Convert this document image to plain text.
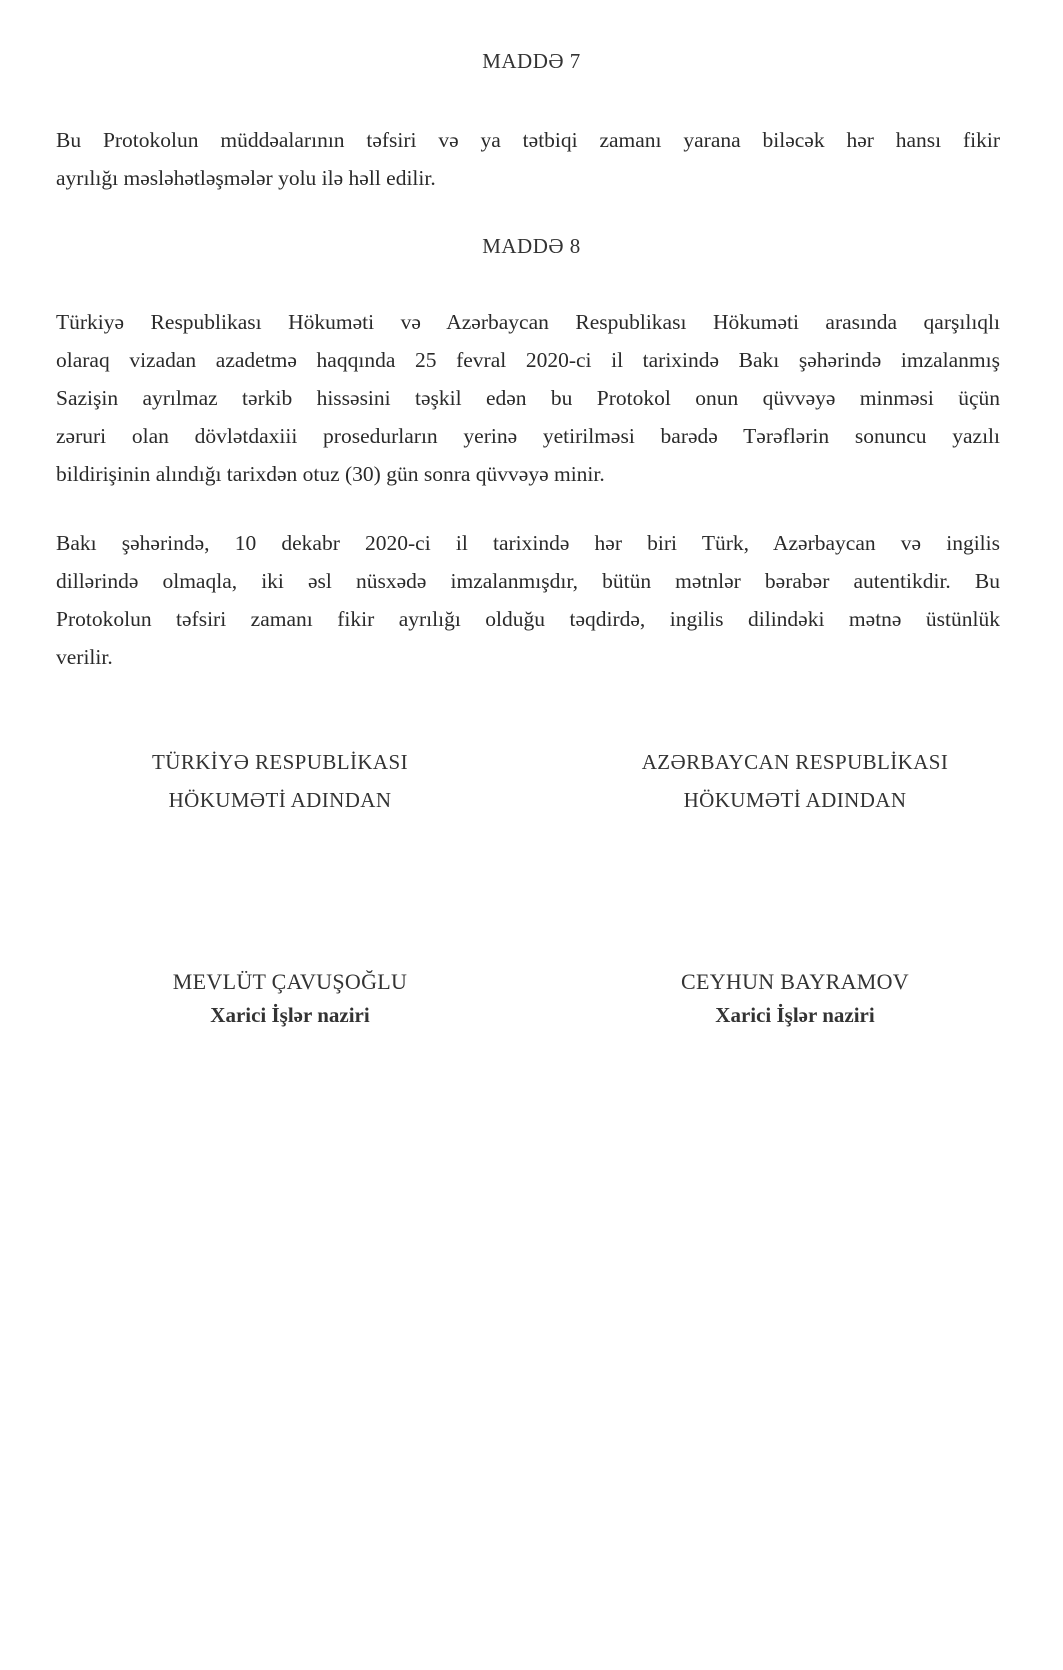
MADDƏ 7
Bu Protokolun müddəalarının təfsiri və ya tətbiqi zamanı yarana biləcək hər hansı fikir
ayrılığı məsləhətləşmələr yolu ilə həll edilir.
MADDƏ 8
Türkiyə Respublikası Hökuməti və Azərbaycan Respublikası Hökuməti arasında qarşılıqlı
olaraq vizadan azadetmə haqqında 25 fevral 2020-ci il tarixində Bakı şəhərində imzalanmış
Sazişin ayrılmaz tərkib hissəsini təşkil edən bu Protokol onun qüvvəyə minməsi üçün
zəruri olan dövlətdaxiii prosedurların yerinə yetirilməsi barədə Tərəflərin sonuncu yazılı
bildirişinin alındığı tarixdən otuz (30) gün sonra qüvvəyə minir.
Bakı şəhərində, 10 dekabr 2020-ci il tarixində hər biri Türk, Azərbaycan və ingilis
dillərində olmaqla, iki əsl nüsxədə imzalanmışdır, bütün mətnlər bərabər autentikdir. Bu
Protokolun təfsiri zamanı fikir ayrılığı olduğu təqdirdə, ingilis dilindəki mətnə üstünlük
verilir.
TÜRKİYƏ RESPUBLİKASI
HÖKUMƏTİ ADINDAN
AZƏRBAYCAN RESPUBLİKASI
HÖKUMƏTİ ADINDAN
MEVLÜT ÇAVUŞOĞLU
Xarici İşlər naziri
CEYHUN BAYRAMOV
Xarici İşlər naziri
